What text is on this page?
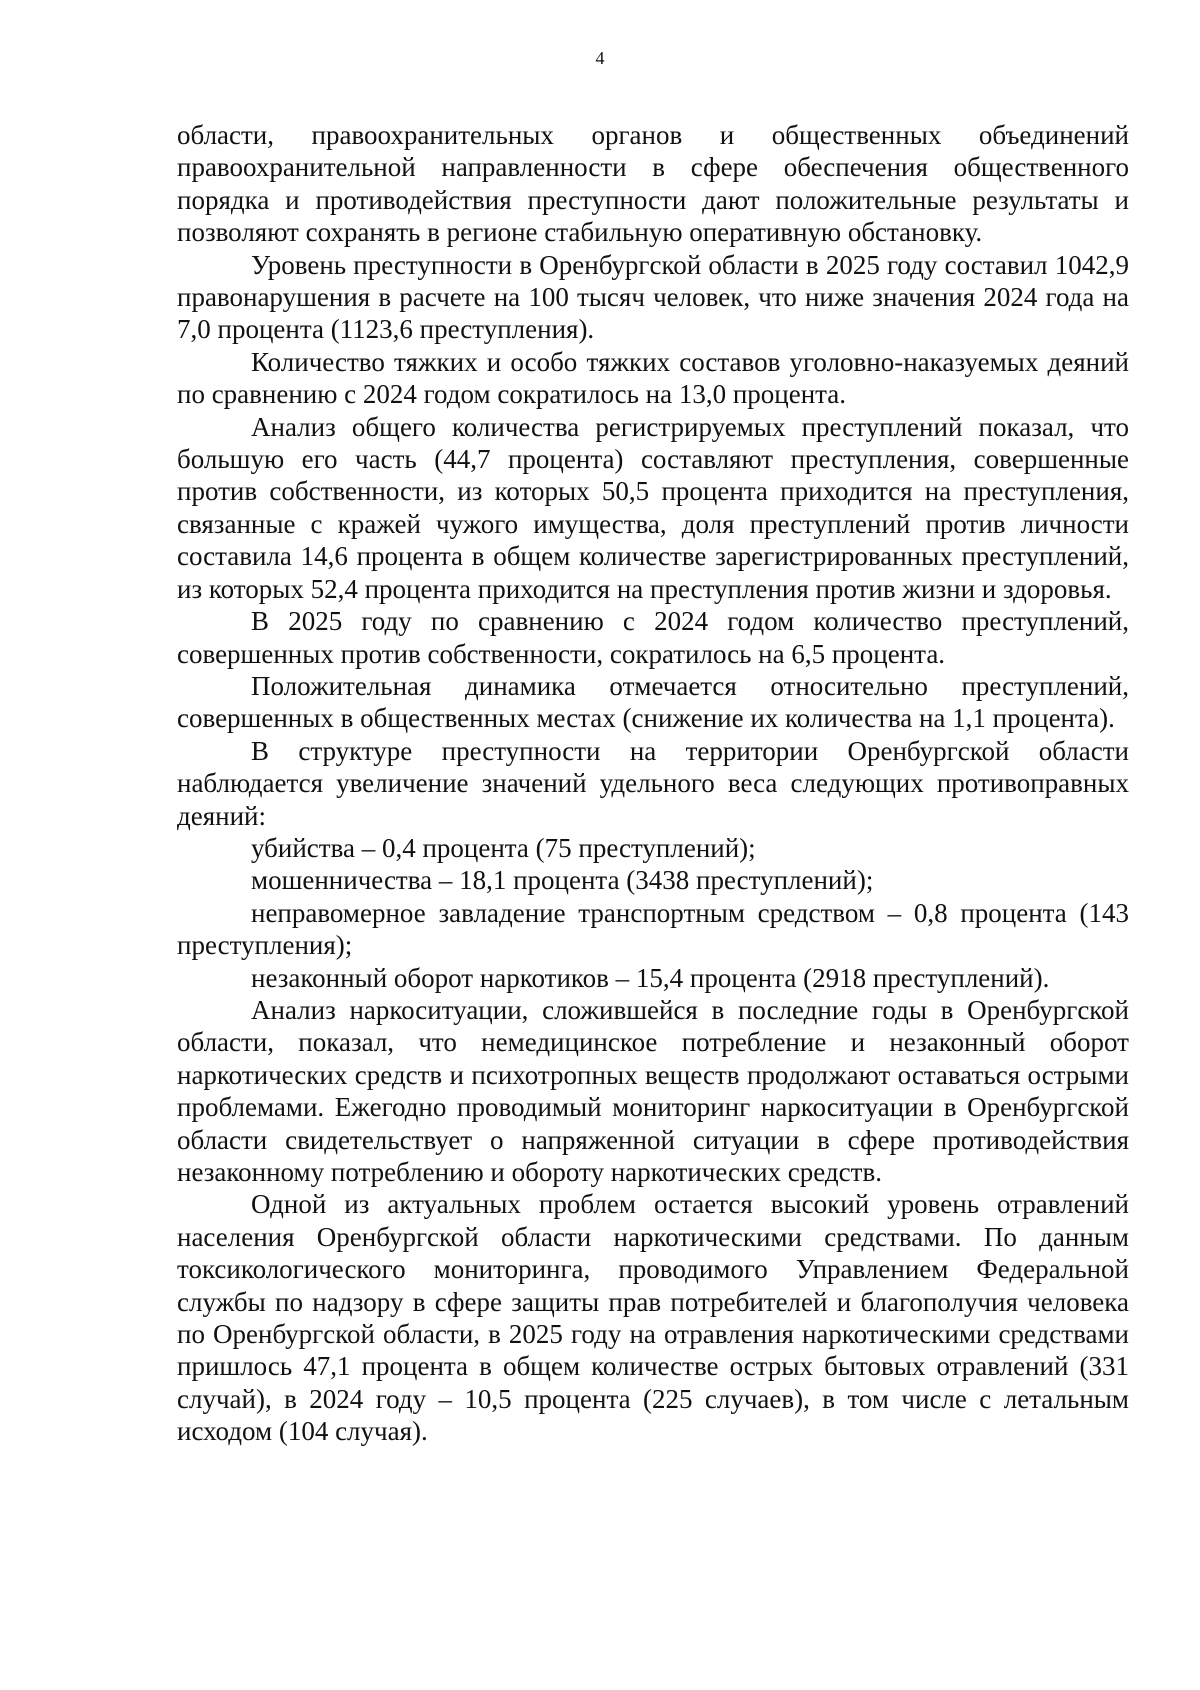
4

области, правоохранительных органов и общественных объединений правоохранительной направленности в сфере обеспечения общественного порядка и противодействия преступности дают положительные результаты и позволяют сохранять в регионе стабильную оперативную обстановку.

Уровень преступности в Оренбургской области в 2025 году составил 1042,9 правонарушения в расчете на 100 тысяч человек, что ниже значения 2024 года на 7,0 процента (1123,6 преступления).

Количество тяжких и особо тяжких составов уголовно-наказуемых деяний по сравнению с 2024 годом сократилось на 13,0 процента.

Анализ общего количества регистрируемых преступлений показал, что большую его часть (44,7 процента) составляют преступления, совершенные против собственности, из которых 50,5 процента приходится на преступления, связанные с кражей чужого имущества, доля преступлений против личности составила 14,6 процента в общем количестве зарегистрированных преступлений, из которых 52,4 процента приходится на преступления против жизни и здоровья.

В 2025 году по сравнению с 2024 годом количество преступлений, совершенных против собственности, сократилось на 6,5 процента.

Положительная динамика отмечается относительно преступлений, совершенных в общественных местах (снижение их количества на 1,1 процента).

В структуре преступности на территории Оренбургской области наблюдается увеличение значений удельного веса следующих противоправных деяний:

убийства – 0,4 процента (75 преступлений);

мошенничества – 18,1 процента (3438 преступлений);

неправомерное завладение транспортным средством – 0,8 процента (143 преступления);

незаконный оборот наркотиков – 15,4 процента (2918 преступлений).

Анализ наркоситуации, сложившейся в последние годы в Оренбургской области, показал, что немедицинское потребление и незаконный оборот наркотических средств и психотропных веществ продолжают оставаться острыми проблемами. Ежегодно проводимый мониторинг наркоситуации в Оренбургской области свидетельствует о напряженной ситуации в сфере противодействия незаконному потреблению и обороту наркотических средств.

Одной из актуальных проблем остается высокий уровень отравлений населения Оренбургской области наркотическими средствами. По данным токсикологического мониторинга, проводимого Управлением Федеральной службы по надзору в сфере защиты прав потребителей и благополучия человека по Оренбургской области, в 2025 году на отравления наркотическими средствами пришлось 47,1 процента в общем количестве острых бытовых отравлений (331 случай), в 2024 году – 10,5 процента (225 случаев), в том числе с летальным исходом (104 случая).
